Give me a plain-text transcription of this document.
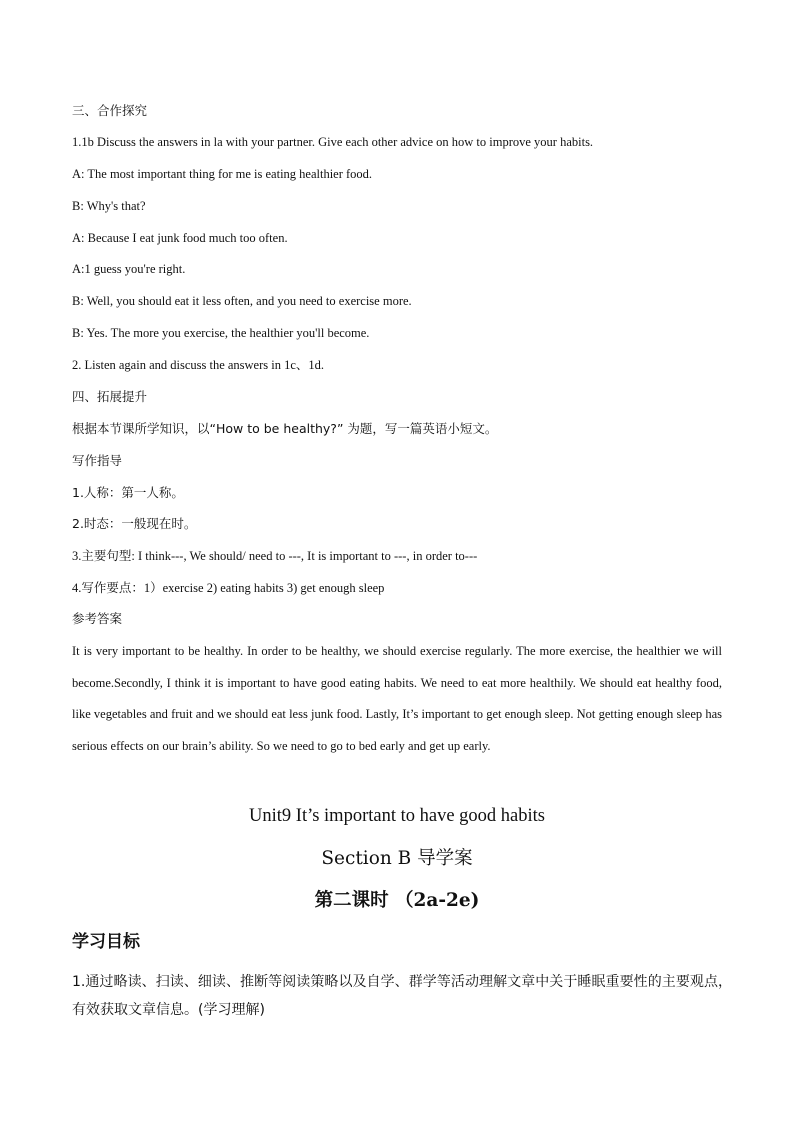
三、合作探究
1.1b Discuss the answers in la with your partner. Give each other advice on how to improve your habits.
A: The most important thing for me is eating healthier food.
B: Why's that?
A: Because I eat junk food much too often.
A:1 guess you're right.
B: Well, you should eat it less often, and you need to exercise more.
B: Yes. The more you exercise, the healthier you'll become.
2. Listen again and discuss the answers in 1c、1d.
四、拓展提升
根据本节课所学知识，以“How to be healthy?” 为题，写一篇英语小短文。
写作指导
1.人称：第一人称。
2.时态：一般现在时。
3.主要句型: I think---, We should/ need to ---, It is important to ---, in order to---
4.写作要点：1）exercise 2) eating habits 3) get enough sleep
参考答案
It is very important to be healthy. In order to be healthy, we should exercise regularly. The more exercise, the healthier we will become.Secondly, I think it is important to have good eating habits. We need to eat more healthily. We should eat healthy food, like vegetables and fruit and we should eat less junk food. Lastly, It’s important to get enough sleep. Not getting enough sleep has serious effects on our brain’s ability. So we need to go to bed early and get up early.
Unit9 It’s important to have good habits
Section B 导学案
第二课时 （2a-2e)
学习目标
1.通过略读、扫读、细读、推断等阅读策略以及自学、群学等活动理解文章中关于睡眠重要性的主要观点，有效获取文章信息。(学习理解)
